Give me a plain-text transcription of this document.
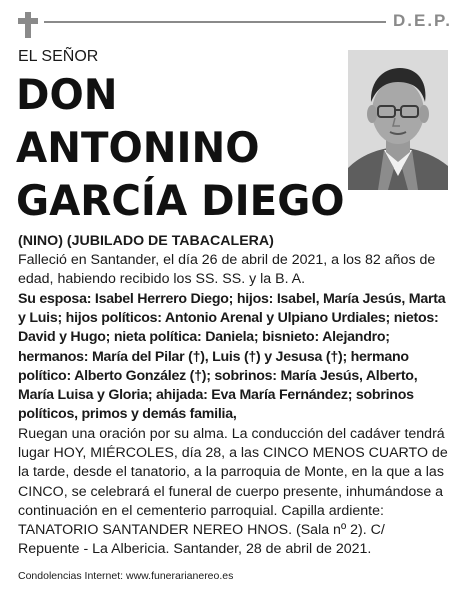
D.E.P.
EL SEÑOR
DON
ANTONINO
GARCÍA DIEGO
(NINO) (JUBILADO DE TABACALERA)
Falleció en Santander, el día 26 de abril de 2021, a los 82 años de edad, habiendo recibido los SS. SS. y la B. A.
Su esposa: Isabel Herrero Diego; hijos: Isabel, María Jesús, Marta y Luis; hijos políticos: Antonio Arenal y Ulpiano Urdiales; nietos: David y Hugo; nieta política: Daniela; bisnieto: Alejandro; hermanos: María del Pilar (†), Luis (†) y Jesusa (†); hermano político: Alberto González (†); sobrinos: María Jesús, Alberto, María Luisa y Gloria; ahijada: Eva María Fernández; sobrinos políticos, primos y demás familia,
Ruegan una oración por su alma. La conducción del cadáver tendrá lugar HOY, MIÉRCOLES, día 28, a las CINCO MENOS CUARTO de la tarde, desde el tanatorio, a la parroquia de Monte, en la que a las CINCO, se celebrará el funeral de cuerpo presente, inhumándose a continuación en el cementerio parroquial. Capilla ardiente: TANATORIO SANTANDER NEREO HNOS. (Sala nº 2). C/ Repuente - La Albericia. Santander, 28 de abril de 2021.
Condolencias Internet: www.funerarianereo.es
